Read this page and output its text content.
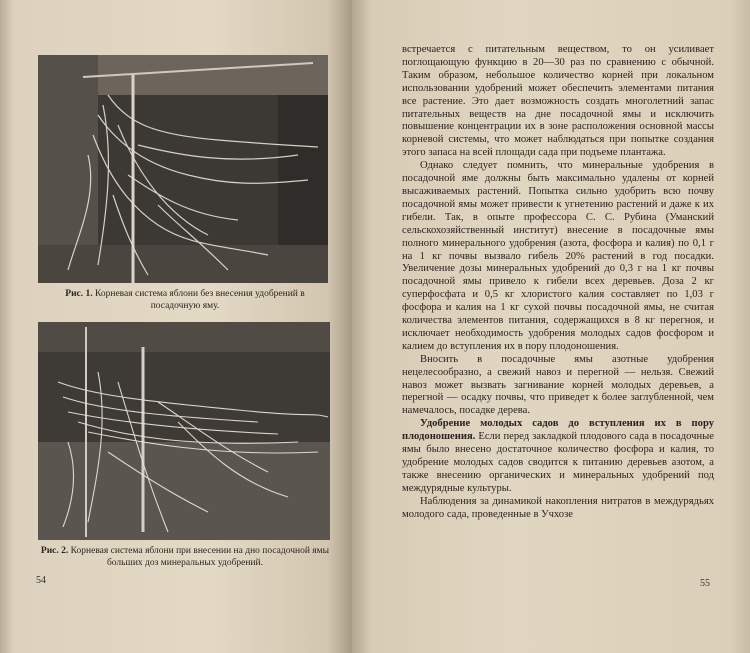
Рис. 1. Корневая система яблони без внесения удобрений в посадочную яму.
Рис. 2. Корневая система яблони при внесении на дно посадочной ямы больших доз минеральных удобрений.
54

встречается с питательным веществом, то он усиливает поглощающую функцию в 20—30 раз по сравнению с обычной. Таким образом, небольшое количество корней при локальном использовании удобрений может обеспечить элементами питания все растение. Это дает возможность создать многолетний запас питательных веществ на дне посадочной ямы и исключить повышение концентрации их в зоне расположения основной массы корневой системы, что может наблюдаться при попытке создания этого запаса на всей площади сада при подъеме плантажа.

Однако следует помнить, что минеральные удобрения в посадочной яме должны быть максимально удалены от корней высаживаемых растений. Попытка сильно удобрить всю почву посадочной ямы может привести к угнетению растений и даже к их гибели. Так, в опыте профессора С. С. Рубина (Уманский сельскохозяйственный институт) внесение в посадочные ямы полного минерального удобрения (азота, фосфора и калия) по 0,1 г на 1 кг почвы вызвало гибель 20% растений в год посадки. Увеличение дозы минеральных удобрений до 0,3 г на 1 кг почвы посадочной ямы привело к гибели всех деревьев. Доза 2 кг суперфосфата и 0,5 кг хлористого калия составляет по 1,03 г фосфора и калия на 1 кг сухой почвы посадочной ямы, не считая количества элементов питания, содержащихся в 8 кг перегноя, и исключает необходимость удобрения молодых садов фосфором и калием до вступления их в пору плодоношения.

Вносить в посадочные ямы азотные удобрения нецелесообразно, а свежий навоз и перегной — нельзя. Свежий навоз может вызвать загнивание корней молодых деревьев, а перегной — осадку почвы, что приведет к более заглубленной, чем намечалось, посадке дерева.

Удобрение молодых садов до вступления их в пору плодоношения. Если перед закладкой плодового сада в посадочные ямы было внесено достаточное количество фосфора и калия, то удобрение молодых садов сводится к питанию деревьев азотом, а также внесению органических и минеральных удобрений под междурядные культуры.

Наблюдения за динамикой накопления нитратов в междурядьях молодого сада, проведенные в Учхозе

55
